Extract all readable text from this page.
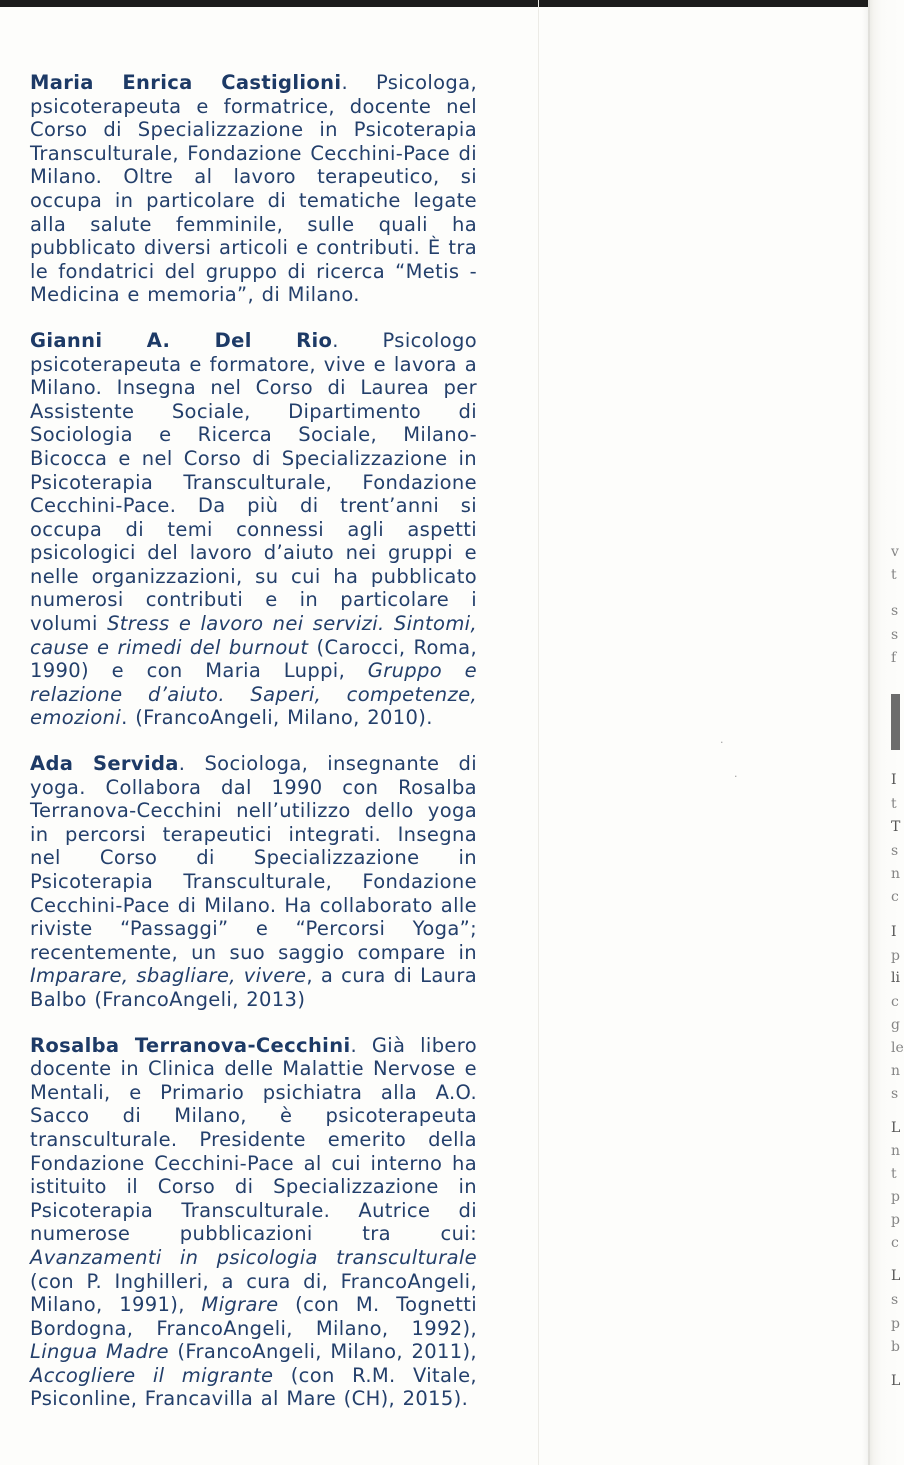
Maria Enrica Castiglioni. Psicologa, psicoterapeuta e formatrice, docente nel Corso di Specializzazione in Psicoterapia Transculturale, Fondazione Cecchini-Pace di Milano. Oltre al lavoro terapeutico, si occupa in particolare di tematiche legate alla salute femminile, sulle quali ha pubblicato diversi articoli e contributi. È tra le fondatrici del gruppo di ricerca “Metis - Medicina e memoria”, di Milano.

Gianni A. Del Rio. Psicologo psicoterapeuta e formatore, vive e lavora a Milano. Insegna nel Corso di Laurea per Assistente Sociale, Dipartimento di Sociologia e Ricerca Sociale, Milano-Bicocca e nel Corso di Specializzazione in Psicoterapia Transculturale, Fondazione Cecchini-Pace. Da più di trent’anni si occupa di temi connessi agli aspetti psicologici del lavoro d’aiuto nei gruppi e nelle organizzazioni, su cui ha pubblicato numerosi contributi e in particolare i volumi Stress e lavoro nei servizi. Sintomi, cause e rimedi del burnout (Carocci, Roma, 1990) e con Maria Luppi, Gruppo e relazione d’aiuto. Saperi, competenze, emozioni. (FrancoAngeli, Milano, 2010).

Ada Servida. Sociologa, insegnante di yoga. Collabora dal 1990 con Rosalba Terranova-Cecchini nell’utilizzo dello yoga in percorsi terapeutici integrati. Insegna nel Corso di Specializzazione in Psicoterapia Transculturale, Fondazione Cecchini-Pace di Milano. Ha collaborato alle riviste “Passaggi” e “Percorsi Yoga”; recentemente, un suo saggio compare in Imparare, sbagliare, vivere, a cura di Laura Balbo (FrancoAngeli, 2013)

Rosalba Terranova-Cecchini. Già libero docente in Clinica delle Malattie Nervose e Mentali, e Primario psichiatra alla A.O. Sacco di Milano, è psicoterapeuta transculturale. Presidente emerito della Fondazione Cecchini-Pace al cui interno ha istituito il Corso di Specializzazione in Psicoterapia Transculturale. Autrice di numerose pubblicazioni tra cui: Avanzamenti in psicologia transculturale (con P. Inghilleri, a cura di, FrancoAngeli, Milano, 1991), Migrare (con M. Tognetti Bordogna, FrancoAngeli, Milano, 1992), Lingua Madre (FrancoAngeli, Milano, 2011), Accogliere il migrante (con R.M. Vitale, Psiconline, Francavilla al Mare (CH), 2015).

v
t
s
s
f
I
t
T
s
n
c
I
p
li
c
g
le
n
s
L
n
t
p
p
c
L
s
p
b
L
·
·
